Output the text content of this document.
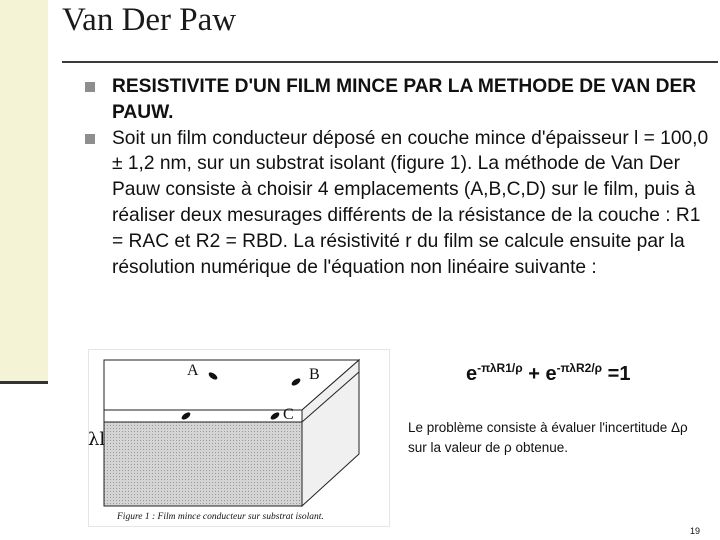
Van Der Paw

RESISTIVITE D'UN FILM MINCE PAR LA METHODE DE VAN DER PAUW.

Soit un film conducteur déposé en couche mince d'épaisseur l = 100,0 ± 1,2 nm, sur un substrat isolant (figure 1). La méthode de Van Der Pauw consiste à choisir 4 emplacements (A,B,C,D) sur le film, puis à réaliser deux mesurages différents de la résistance de la couche : R1 = RAC et R2 = RBD. La résistivité r du film se calcule ensuite par la résolution numérique de l'équation non linéaire suivante :

A	B
C
Figure 1 : Film mince conducteur sur substrat isolant.
λl
$e^{-\pi\lambda R1/\rho} + e^{-\pi\lambda R2/\rho} =1$
Le problème consiste à évaluer l'incertitude Δρ sur la valeur de ρ obtenue.
19
